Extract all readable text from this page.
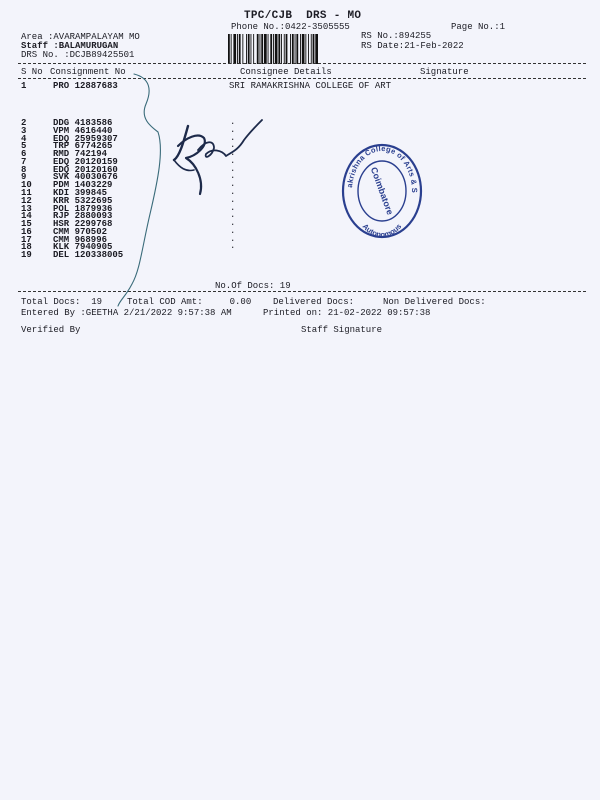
TPC/CJB  DRS - MO
Phone No.:0422-3505555	Page No.:1
Area :AVARAMPALAYAM MO
Staff :BALAMURUGAN
DRS No. :DCJB89425501
RS No.:894255
RS Date:21-Feb-2022
S No Consignment No	Consignee Details	Signature
1	PRO 12887683	SRI RAMAKRISHNA COLLEGE OF ART
2	DDG 4183586	.
3	VPM 4616440	.
4	EDQ 25959307	.
5	TRP 6774265	.
6	RMD 742194	.
7	EDQ 20120159	.
8	EDQ 20120160	.
9	SVK 40030676	.
10 PDM 1403229	.
11 KDI 399845	.
12 KRR 5322695	.
13 POL 1879936	.
14 RJP 2880093	.
15 HSR 2299768	.
16 CMM 970502	.
17 CMM 968996	.
18 KLK 7940905	.
19 DEL 120338005
No.Of Docs: 19
Total Docs:  19	Total COD Amt:     0.00 Delivered Docs:	Non Delivered Docs:
Entered By :GEETHA 2/21/2022 9:57:38 AM	Printed on: 21-02-2022 09:57:38
Verified By	Staff Signature
Sri Ramakrishna College of Arts & Science
Autonomous
Coimbatore
